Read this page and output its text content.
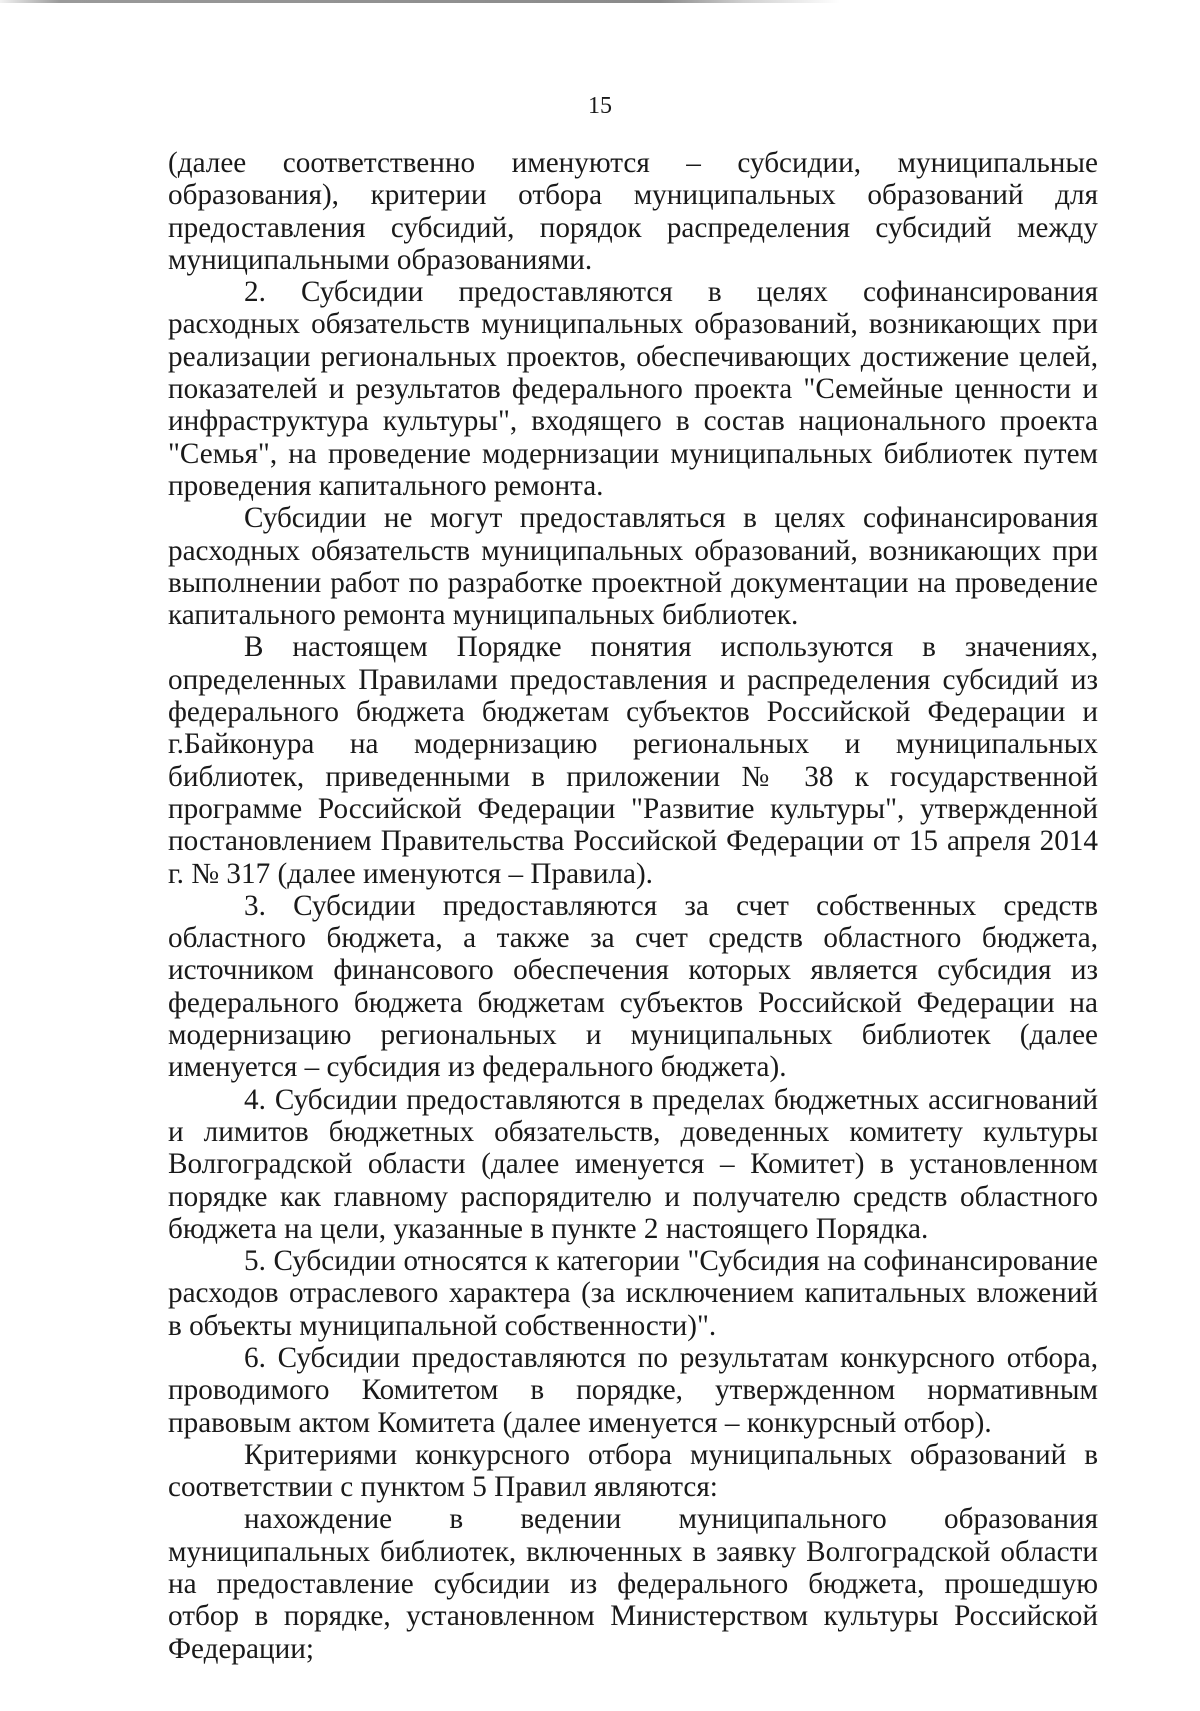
15

(далее соответственно именуются – субсидии, муниципальные образования), критерии отбора муниципальных образований для предоставления субсидий, порядок распределения субсидий между муниципальными образованиями.

2. Субсидии предоставляются в целях софинансирования расходных обязательств муниципальных образований, возникающих при реализации региональных проектов, обеспечивающих достижение целей, показателей и результатов федерального проекта "Семейные ценности и инфраструктура культуры", входящего в состав национального проекта "Семья", на проведение модернизации муниципальных библиотек путем проведения капитального ремонта.

Субсидии не могут предоставляться в целях софинансирования расходных обязательств муниципальных образований, возникающих при выполнении работ по разработке проектной документации на проведение капитального ремонта муниципальных библиотек.

В настоящем Порядке понятия используются в значениях, определенных Правилами предоставления и распределения субсидий из федерального бюджета бюджетам субъектов Российской Федерации и г.Байконура на модернизацию региональных и муниципальных библиотек, приведенными в приложении № 38 к государственной программе Российской Федерации "Развитие культуры", утвержденной постановлением Правительства Российской Федерации от 15 апреля 2014 г. № 317 (далее именуются – Правила).

3. Субсидии предоставляются за счет собственных средств областного бюджета, а также за счет средств областного бюджета, источником финансового обеспечения которых является субсидия из федерального бюджета бюджетам субъектов Российской Федерации на модернизацию региональных и муниципальных библиотек (далее именуется – субсидия из федерального бюджета).

4. Субсидии предоставляются в пределах бюджетных ассигнований и лимитов бюджетных обязательств, доведенных комитету культуры Волгоградской области (далее именуется – Комитет) в установленном порядке как главному распорядителю и получателю средств областного бюджета на цели, указанные в пункте 2 настоящего Порядка.

5. Субсидии относятся к категории "Субсидия на софинансирование расходов отраслевого характера (за исключением капитальных вложений в объекты муниципальной собственности)".

6. Субсидии предоставляются по результатам конкурсного отбора, проводимого Комитетом в порядке, утвержденном нормативным правовым актом Комитета (далее именуется – конкурсный отбор).

Критериями конкурсного отбора муниципальных образований в соответствии с пунктом 5 Правил являются:

нахождение в ведении муниципального образования муниципальных библиотек, включенных в заявку Волгоградской области на предоставление субсидии из федерального бюджета, прошедшую отбор в порядке, установленном Министерством культуры Российской Федерации;
